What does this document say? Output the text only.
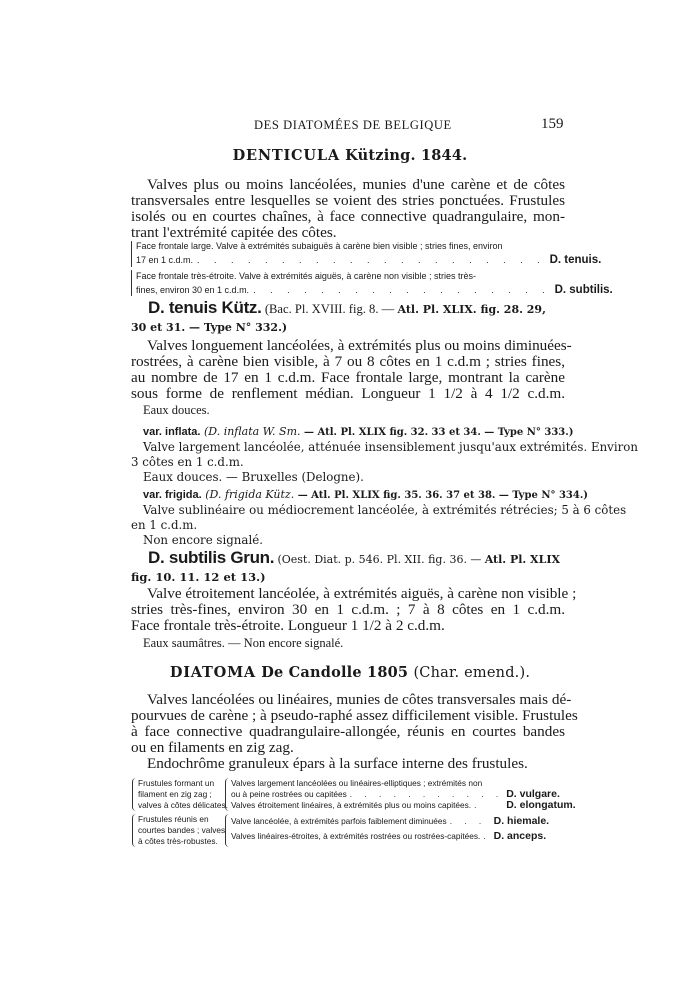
DES DIATOMÉES DE BELGIQUE	159
DENTICULA Kützing. 1844.
Valves plus ou moins lancéolées, munies d'une carène et de côtes
transversales entre lesquelles se voient des stries ponctuées. Frustules
isolés ou en courtes chaînes, à face connective quadrangulaire, mon-
trant l'extrémité capitée des côtes.
Face frontale large. Valve à extrémités subaiguës à carène bien visible ; stries fines, environ
17 en 1 c.d.m. . . . . . . . . . . . . . . . . . . . . . D. tenuis.
Face frontale très-étroite. Valve à extrémités aiguës, à carène non visible ; stries très-
fines, environ 30 en 1 c.d.m. . . . . . . . . . . . . . . . . . . D. subtilis.
D. tenuis Kütz. (Bac. Pl. XVIII. fig. 8. — Atl. Pl. XLIX. fig. 28. 29,
30 et 31. — Type N° 332.)
Valves longuement lancéolées, à extrémités plus ou moins diminuées-
rostrées, à carène bien visible, à 7 ou 8 côtes en 1 c.d.m ; stries fines,
au nombre de 17 en 1 c.d.m. Face frontale large, montrant la carène
sous forme de renflement médian. Longueur 1 1/2 à 4 1/2 c.d.m.
Eaux douces.
var. inflata. (D. inflata W. Sm. — Atl. Pl. XLIX fig. 32. 33 et 34. — Type N° 333.)
Valve largement lancéolée, atténuée insensiblement jusqu'aux extrémités. Environ
3 côtes en 1 c.d.m.
Eaux douces. — Bruxelles (Delogne).
var. frigida. (D. frigida Kütz. — Atl. Pl. XLIX fig. 35. 36. 37 et 38. — Type N° 334.)
Valve sublinéaire ou médiocrement lancéolée, à extrémités rétrécies; 5 à 6 côtes
en 1 c.d.m.
Non encore signalé.
D. subtilis Grun. (Oest. Diat. p. 546. Pl. XII. fig. 36. — Atl. Pl. XLIX
fig. 10. 11. 12 et 13.)
Valve étroitement lancéolée, à extrémités aiguës, à carène non visible ;
stries très-fines, environ 30 en 1 c.d.m. ; 7 à 8 côtes en 1 c.d.m.
Face frontale très-étroite. Longueur 1 1/2 à 2 c.d.m.
Eaux saumâtres. — Non encore signalé.
DIATOMA De Candolle 1805 (Char. emend.).
Valves lancéolées ou linéaires, munies de côtes transversales mais dé-
pourvues de carène ; à pseudo-raphé assez difficilement visible. Frustules
à face connective quadrangulaire-allongée, réunis en courtes bandes
ou en filaments en zig zag.
Endochrôme granuleux épars à la surface interne des frustules.
Frustules formant un
filament en zig zag ;
valves à côtes délicates.
Valves largement lancéolées ou linéaires-elliptiques ; extrémités non
ou à peine rostrées ou capitées . . . . . . . . . . . D. vulgare.
Valves étroitement linéaires, à extrémités plus ou moins capitées. .	D. elongatum.
Frustules réunis en
courtes bandes ; valves
à côtes très-robustes.
Valve lancéolée, à extrémités parfois faiblement diminuées . . . D. hiemale.
Valves linéaires-étroites, à extrémités rostrées ou rostrées-capitées. . D. anceps.
